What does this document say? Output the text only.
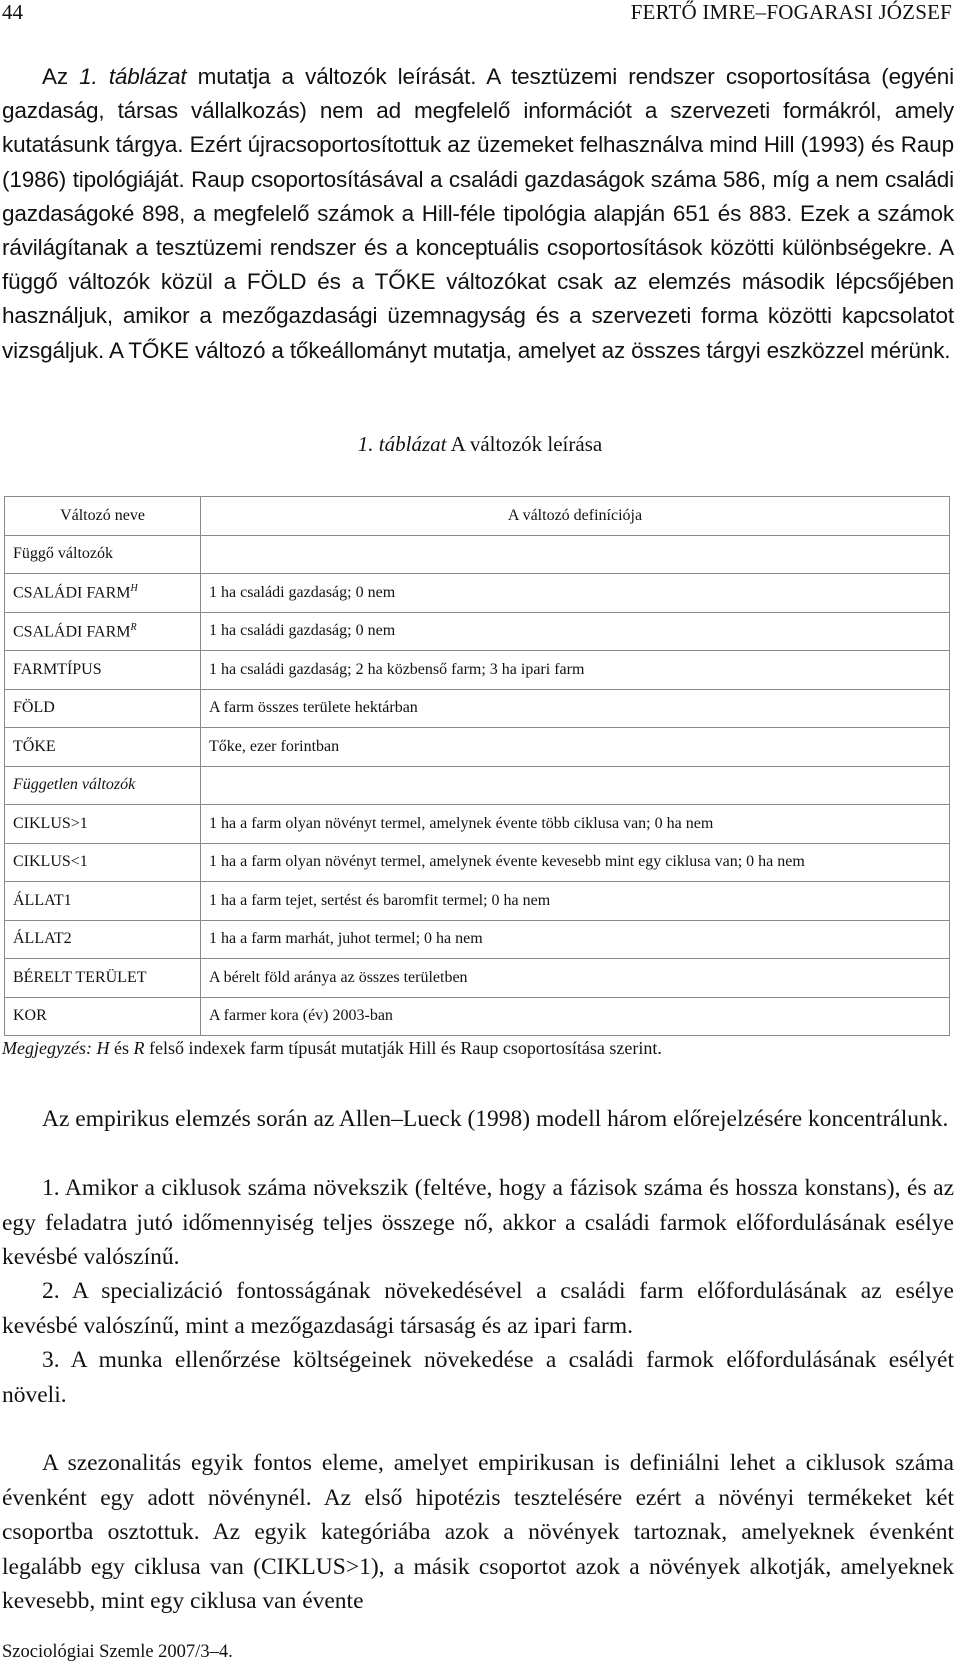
44	FERTŐ IMRE–FOGARASI JÓZSEF
Az 1. táblázat mutatja a változók leírását. A tesztüzemi rendszer csoportosítása (egyéni gazdaság, társas vállalkozás) nem ad megfelelő információt a szervezeti formákról, amely kutatásunk tárgya. Ezért újracsoportosítottuk az üzemeket felhasználva mind Hill (1993) és Raup (1986) tipológiáját. Raup csoportosításával a családi gazdaságok száma 586, míg a nem családi gazdaságoké 898, a megfelelő számok a Hill-féle tipológia alapján 651 és 883. Ezek a számok rávilágítanak a tesztüzemi rendszer és a konceptuális csoportosítások közötti különbségekre. A függő változók közül a FÖLD és a TŐKE változókat csak az elemzés második lépcsőjében használjuk, amikor a mezőgazdasági üzemnagyság és a szervezeti forma közötti kapcsolatot vizsgáljuk. A TŐKE változó a tőkeállományt mutatja, amelyet az összes tárgyi eszközzel mérünk.
1. táblázat A változók leírása
Változó neve	A változó definíciója
Függő változók	
CSALÁDI $FARM^H$	1 ha családi gazdaság; 0 nem
CSALÁDI $FARM^R$	1 ha családi gazdaság; 0 nem
FARMTÍPUS	1 ha családi gazdaság; 2 ha közbenső farm; 3 ha ipari farm
FÖLD	A farm összes területe hektárban
TŐKE	Tőke, ezer forintban
Független változók	
CIKLUS>1	1 ha a farm olyan növényt termel, amelynek évente több ciklusa van; 0 ha nem
CIKLUS<1	1 ha a farm olyan növényt termel, amelynek évente kevesebb mint egy ciklusa van; 0 ha nem
ÁLLAT1	1 ha a farm tejet, sertést és baromfit termel; 0 ha nem
ÁLLAT2	1 ha a farm marhát, juhot termel; 0 ha nem
BÉRELT TERÜLET	A bérelt föld aránya az összes területben
KOR	A farmer kora (év) 2003-ban
Megjegyzés: H és R felső indexek farm típusát mutatják Hill és Raup csoportosítása szerint.
Az empirikus elemzés során az Allen–Lueck (1998) modell három előrejelzésére koncentrálunk.
1. Amikor a ciklusok száma növekszik (feltéve, hogy a fázisok száma és hossza konstans), és az egy feladatra jutó időmennyiség teljes összege nő, akkor a családi farmok előfordulásának esélye kevésbé valószínű.
2. A specializáció fontosságának növekedésével a családi farm előfordulásának az esélye kevésbé valószínű, mint a mezőgazdasági társaság és az ipari farm.
3. A munka ellenőrzése költségeinek növekedése a családi farmok előfordulásának esélyét növeli.
A szezonalitás egyik fontos eleme, amelyet empirikusan is definiálni lehet a ciklusok száma évenként egy adott növénynél. Az első hipotézis tesztelésére ezért a növényi termékeket két csoportba osztottuk. Az egyik kategóriába azok a növények tartoznak, amelyeknek évenként legalább egy ciklusa van (CIKLUS>1), a másik csoportot azok a növények alkotják, amelyeknek kevesebb, mint egy ciklusa van évente
Szociológiai Szemle 2007/3–4.
